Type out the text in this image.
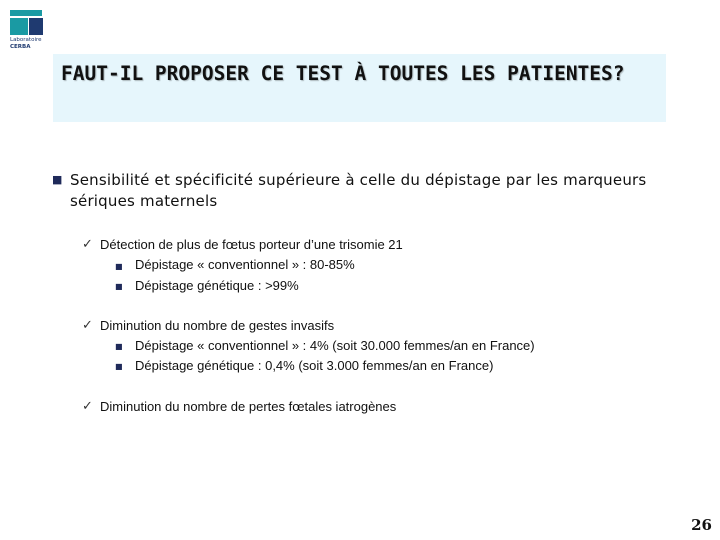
Laboratoire
CERBA
FAUT-IL PROPOSER CE TEST À TOUTES LES PATIENTES?
■ Sensibilité et spécificité supérieure à celle du dépistage par les marqueurs sériques maternels
✓ Détection de plus de fœtus porteur d’une trisomie 21
■ Dépistage « conventionnel » : 80-85%
■ Dépistage génétique : >99%
✓ Diminution du nombre de gestes invasifs
■ Dépistage « conventionnel » : 4% (soit 30.000 femmes/an en France)
■ Dépistage génétique : 0,4% (soit 3.000 femmes/an en France)
✓ Diminution du nombre de pertes fœtales iatrogènes
26
